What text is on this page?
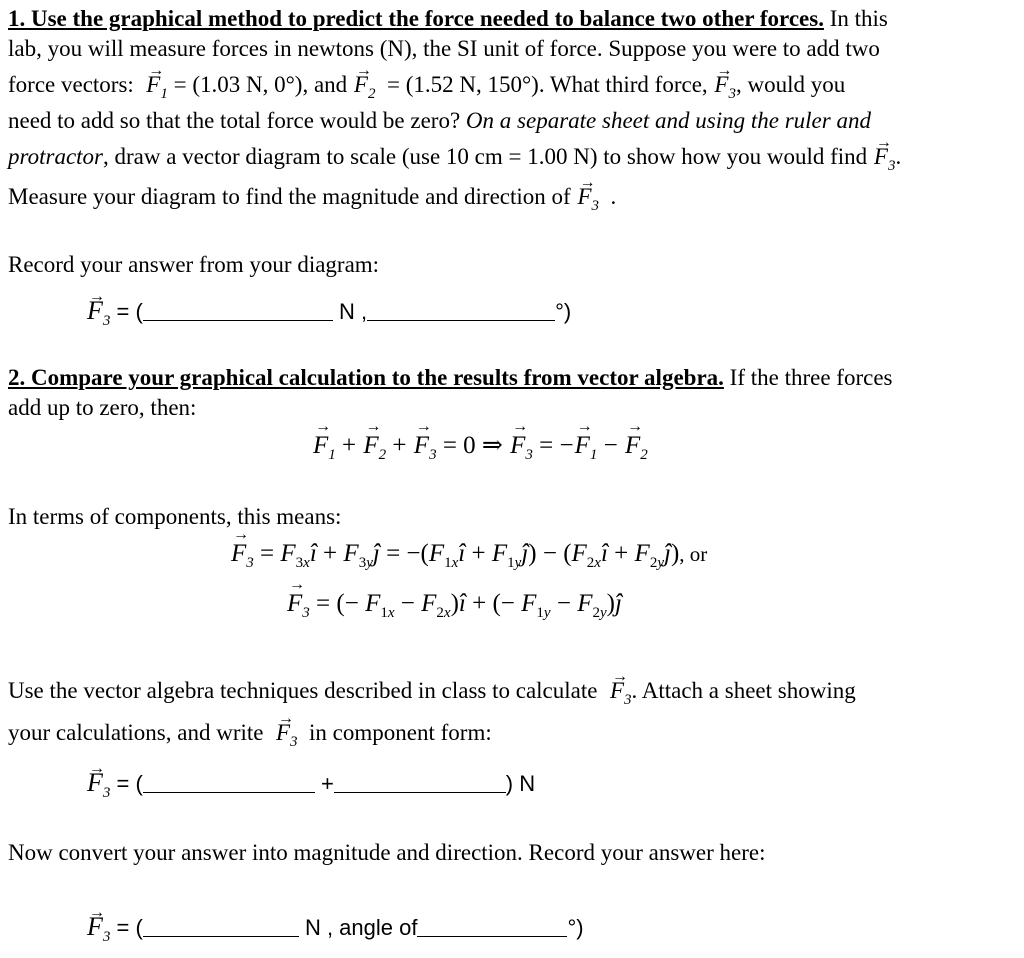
1. Use the graphical method to predict the force needed to balance two other forces. In this
lab, you will measure forces in newtons (N), the SI unit of force. Suppose you were to add two
force vectors: → $F_1 = (1.03$ N, 0°), and → $F_2 = (1.52$ N, 150°). What third force, → $F_3$, would you
need to add so that the total force would be zero? On a separate sheet and using the ruler and
protractor, draw a vector diagram to scale (use 10 cm = 1.00 N) to show how you would find → $F_3$.
Measure your diagram to find the magnitude and direction of → $F_3$ .
Record your answer from your diagram:
→ $F_3$ = (	N ,	°)
2. Compare your graphical calculation to the results from vector algebra. If the three forces
add up to zero, then:
→ $F_1$ + → $F_2$ + → $F_3 = 0$ ⇒ → $F_3$ = −→ $F_1$ − → $F_2$
In terms of components, this means:
→ $F_3$ = $F_{3x}î$ + $F_{3y}ĵ$ = $-(F_{1x}î$ + $F_{1y}ĵ$) − ($F_{2x}î$ + $F_{2y}ĵ$), or
→ $F_3$ = (− $F_{1x}$ − $F_{2x})î$ + (− $F_{1y}$ − $F_{2y})ĵ$
Use the vector algebra techniques described in class to calculate → $F_3$. Attach a sheet showing
your calculations, and write → $F_3$ in component form:
→ $F_3$ = (	+	) N
Now convert your answer into magnitude and direction. Record your answer here:
→ $F_3$ = (	N , angle of	°)
